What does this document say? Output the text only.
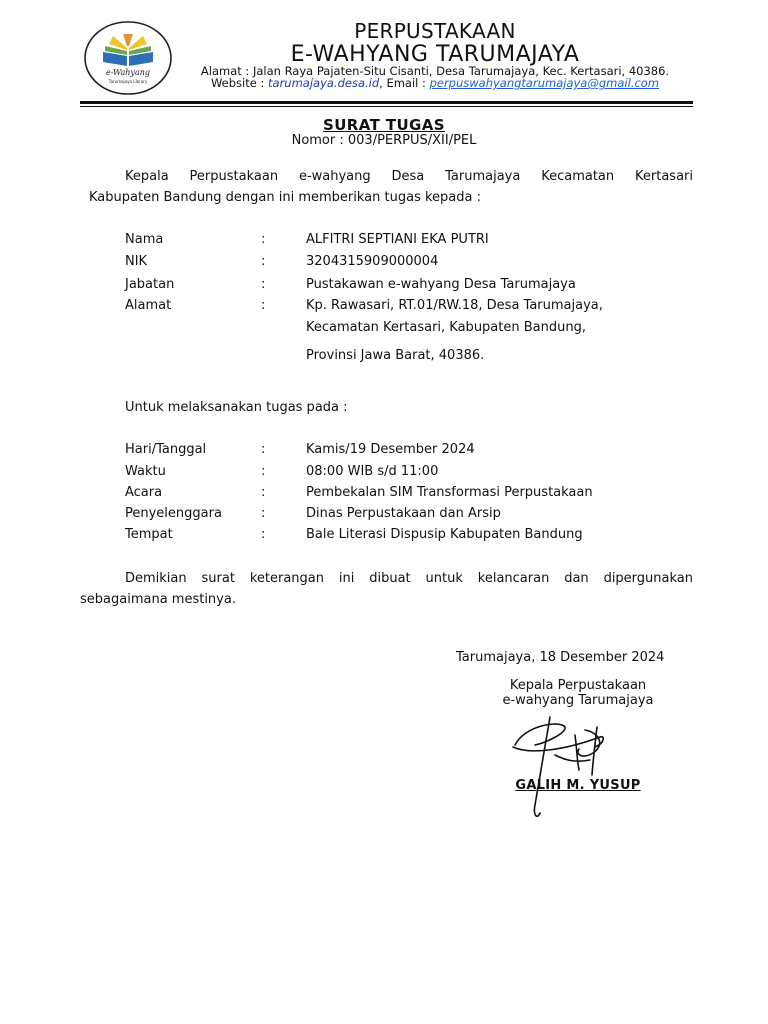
e-Wahyang
Tarumajaya Library
PERPUSTAKAAN
E-WAHYANG TARUMAJAYA
Alamat : Jalan Raya Pajaten-Situ Cisanti, Desa Tarumajaya, Kec. Kertasari, 40386.
Website : tarumajaya.desa.id, Email : perpuswahyangtarumajaya@gmail.com
SURAT TUGAS
Nomor : 003/PERPUS/XII/PEL
Kepala Perpustakaan e-wahyang Desa Tarumajaya Kecamatan Kertasari
Kabupaten Bandung dengan ini memberikan tugas kepada :
Nama	:	ALFITRI SEPTIANI EKA PUTRI
NIK	:	3204315909000004
Jabatan	:	Pustakawan e-wahyang Desa Tarumajaya
Alamat	:	Kp. Rawasari, RT.01/RW.18, Desa Tarumajaya,
Kecamatan Kertasari, Kabupaten Bandung,
Provinsi Jawa Barat, 40386.
Untuk melaksanakan tugas pada :
Hari/Tanggal	:	Kamis/19 Desember 2024
Waktu	:	08:00 WIB s/d 11:00
Acara	:	Pembekalan SIM Transformasi Perpustakaan
Penyelenggara	:	Dinas Perpustakaan dan Arsip
Tempat	:	Bale Literasi Dispusip Kabupaten Bandung
Demikian surat keterangan ini dibuat untuk kelancaran dan dipergunakan
sebagaimana mestinya.
Tarumajaya, 18 Desember 2024
Kepala Perpustakaan
e-wahyang Tarumajaya
GALIH M. YUSUP
